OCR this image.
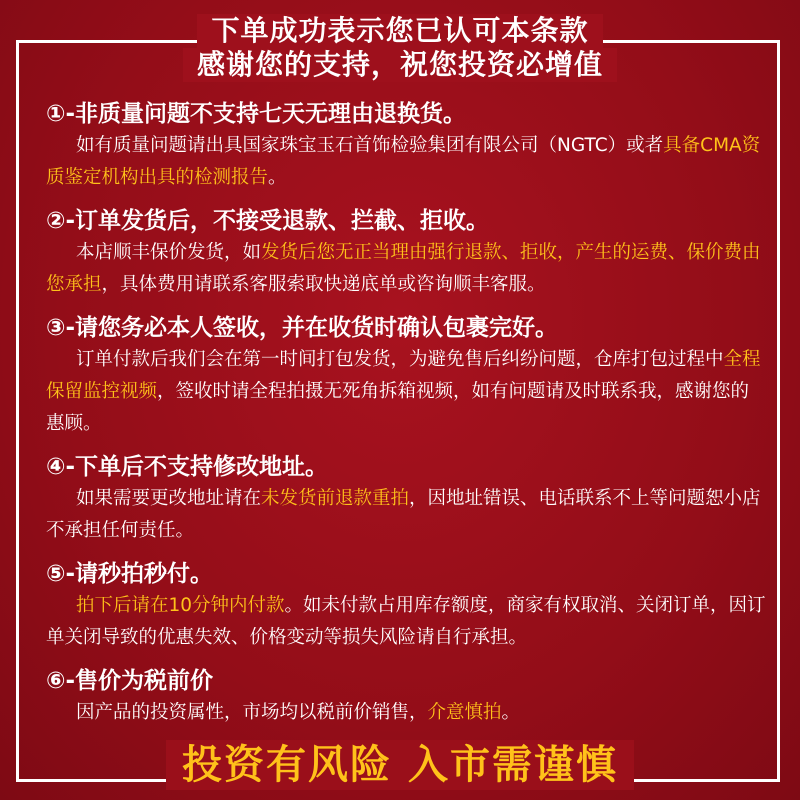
下单成功表示您已认可本条款
感谢您的支持，祝您投资必增值
①-非质量问题不支持七天无理由退换货。
如有质量问题请出具国家珠宝玉石首饰检验集团有限公司（NGTC）或者具备CMA资质鉴定机构出具的检测报告。
②-订单发货后，不接受退款、拦截、拒收。
本店顺丰保价发货，如发货后您无正当理由强行退款、拒收，产生的运费、保价费由您承担，具体费用请联系客服索取快递底单或咨询顺丰客服。
③-请您务必本人签收，并在收货时确认包裹完好。
订单付款后我们会在第一时间打包发货，为避免售后纠纷问题，仓库打包过程中全程保留监控视频，签收时请全程拍摄无死角拆箱视频，如有问题请及时联系我，感谢您的惠顾。
④-下单后不支持修改地址。
如果需要更改地址请在未发货前退款重拍，因地址错误、电话联系不上等问题恕小店不承担任何责任。
⑤-请秒拍秒付。
拍下后请在10分钟内付款。如未付款占用库存额度，商家有权取消、关闭订单，因订单关闭导致的优惠失效、价格变动等损失风险请自行承担。
⑥-售价为税前价
因产品的投资属性，市场均以税前价销售，介意慎拍。
投资有风险 入市需谨慎
